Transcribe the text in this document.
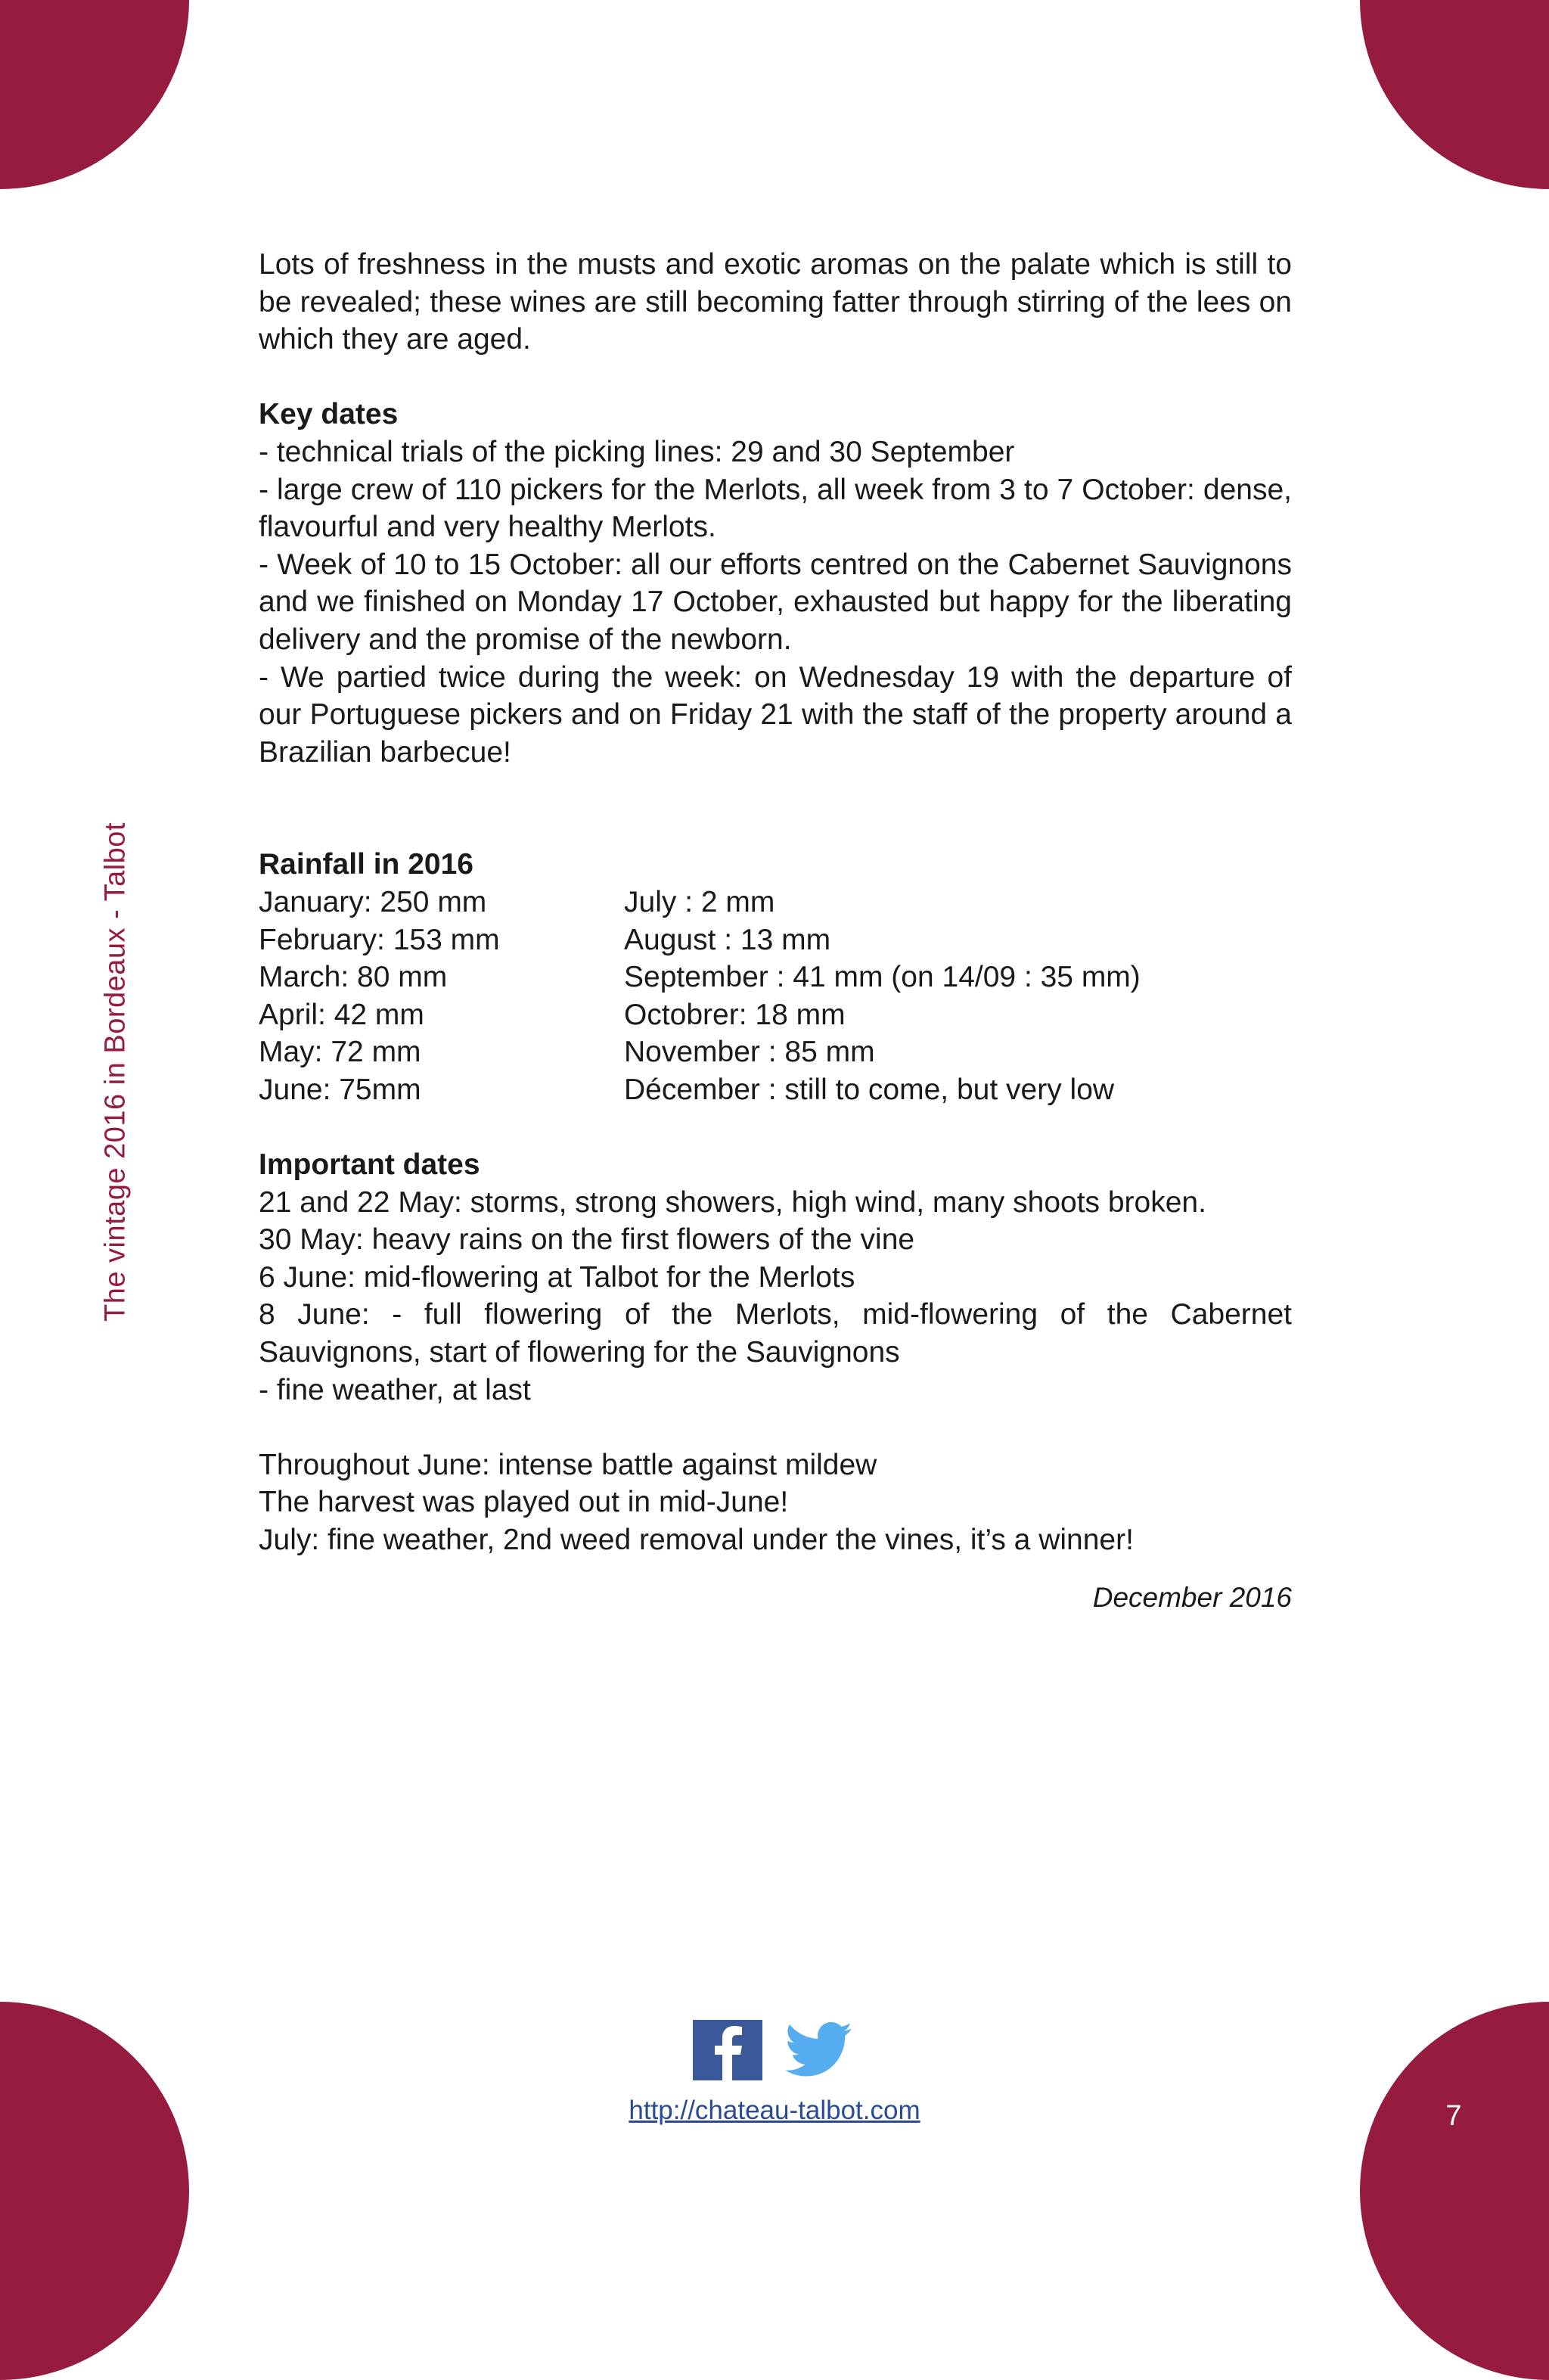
The vintage 2016 in Bordeaux - Talbot

Lots of freshness in the musts and exotic aromas on the palate which is still to be revealed; these wines are still becoming fatter through stirring of the lees on which they are aged.

Key dates

- technical trials of the picking lines: 29 and 30 September

- large crew of 110 pickers for the Merlots, all week from 3 to 7 October: dense, flavourful and very healthy Merlots.

- Week of 10 to 15 October: all our efforts centred on the Cabernet Sauvignons and we finished on Monday 17 October, exhausted but happy for the liberating delivery and the promise of the newborn.

- We partied twice during the week: on Wednesday 19 with the departure of our Portuguese pickers and on Friday 21 with the staff of the property around a Brazilian barbecue!

Rainfall in 2016

January: 250 mm
February: 153 mm
March: 80 mm
April: 42 mm
May: 72 mm
June: 75mm
July : 2 mm
August : 13 mm
September : 41 mm (on 14/09 : 35 mm)
Octobrer: 18 mm
November : 85 mm
Décember : still to come, but very low

Important dates

21 and 22 May: storms, strong showers, high wind, many shoots broken.

30 May: heavy rains on the first flowers of the vine

6 June: mid-flowering at Talbot for the Merlots

8 June: - full flowering of the Merlots, mid-flowering of the Cabernet Sauvignons, start of flowering for the Sauvignons

- fine weather, at last

Throughout June: intense battle against mildew

The harvest was played out in mid-June!

July: fine weather, 2nd weed removal under the vines, it’s a winner!

December 2016

http://chateau-talbot.com	7
